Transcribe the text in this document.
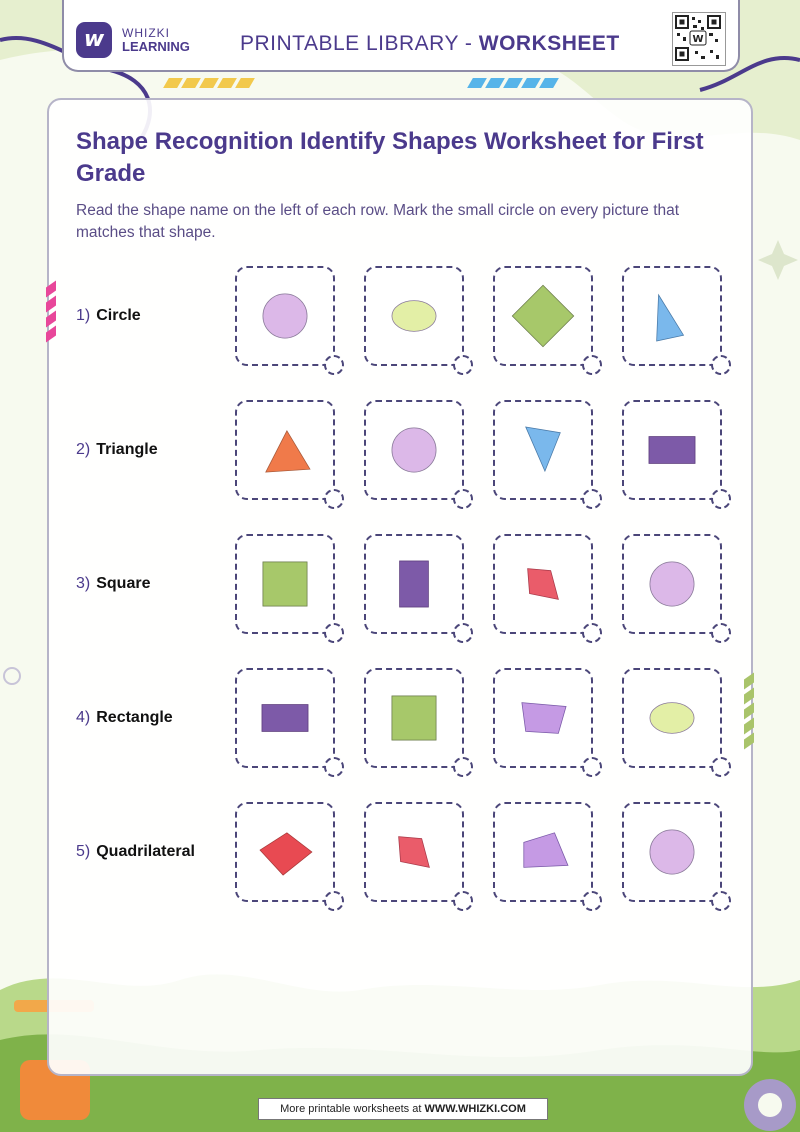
w	WHIZKI
LEARNING PRINTABLE LIBRARY - WORKSHEET	W
Shape Recognition Identify Shapes Worksheet for First Grade
Read the shape name on the left of each row. Mark the small circle on every picture that matches that shape.
1) Circle
2) Triangle
3) Square
4) Rectangle
5) Quadrilateral
More printable worksheets at WWW.WHIZKI.COM
